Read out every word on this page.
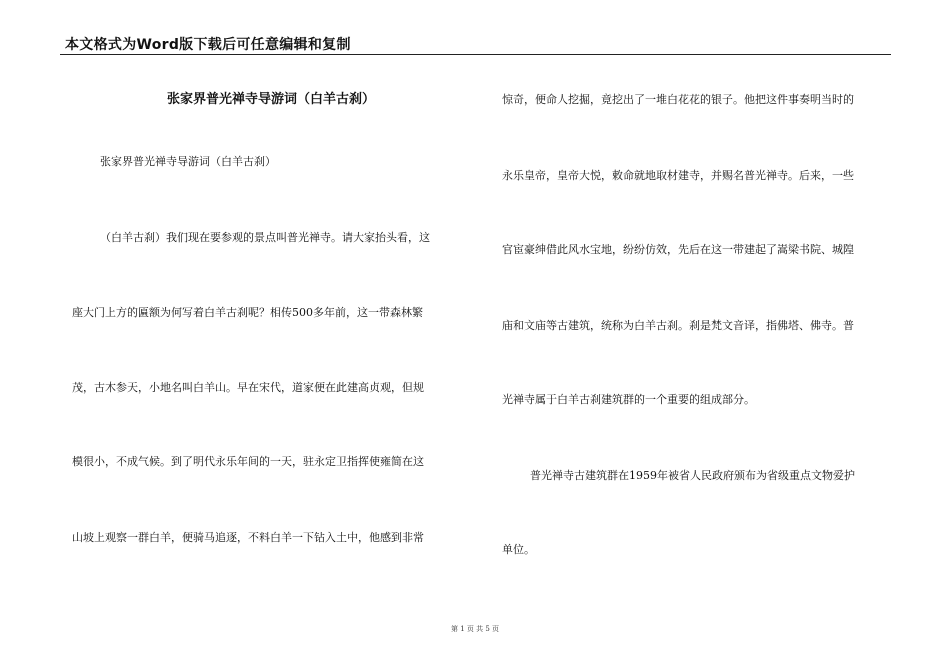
本文格式为Word版下载后可任意编辑和复制
张家界普光禅寺导游词（白羊古刹）
张家界普光禅寺导游词（白羊古刹）
（白羊古刹）我们现在要参观的景点叫普光禅寺。请大家抬头看，这
座大门上方的匾额为何写着白羊古刹呢？相传500多年前，这一带森林繁
茂，古木参天，小地名叫白羊山。早在宋代，道家便在此建高贞观，但规
模很小，不成气候。到了明代永乐年间的一天，驻永定卫指挥使雍简在这
山坡上观察一群白羊，便骑马追逐，不料白羊一下钻入土中，他感到非常
惊奇，便命人挖掘，竟挖出了一堆白花花的银子。他把这件事奏明当时的
永乐皇帝，皇帝大悦，敕命就地取材建寺，并赐名普光禅寺。后来，一些
官宦豪绅借此风水宝地，纷纷仿效，先后在这一带建起了嵩梁书院、城隍
庙和文庙等古建筑，统称为白羊古刹。刹是梵文音译，指佛塔、佛寺。普
光禅寺属于白羊古刹建筑群的一个重要的组成部分。
普光禅寺古建筑群在1959年被省人民政府颁布为省级重点文物爱护
单位。
第 1 页 共 5 页
